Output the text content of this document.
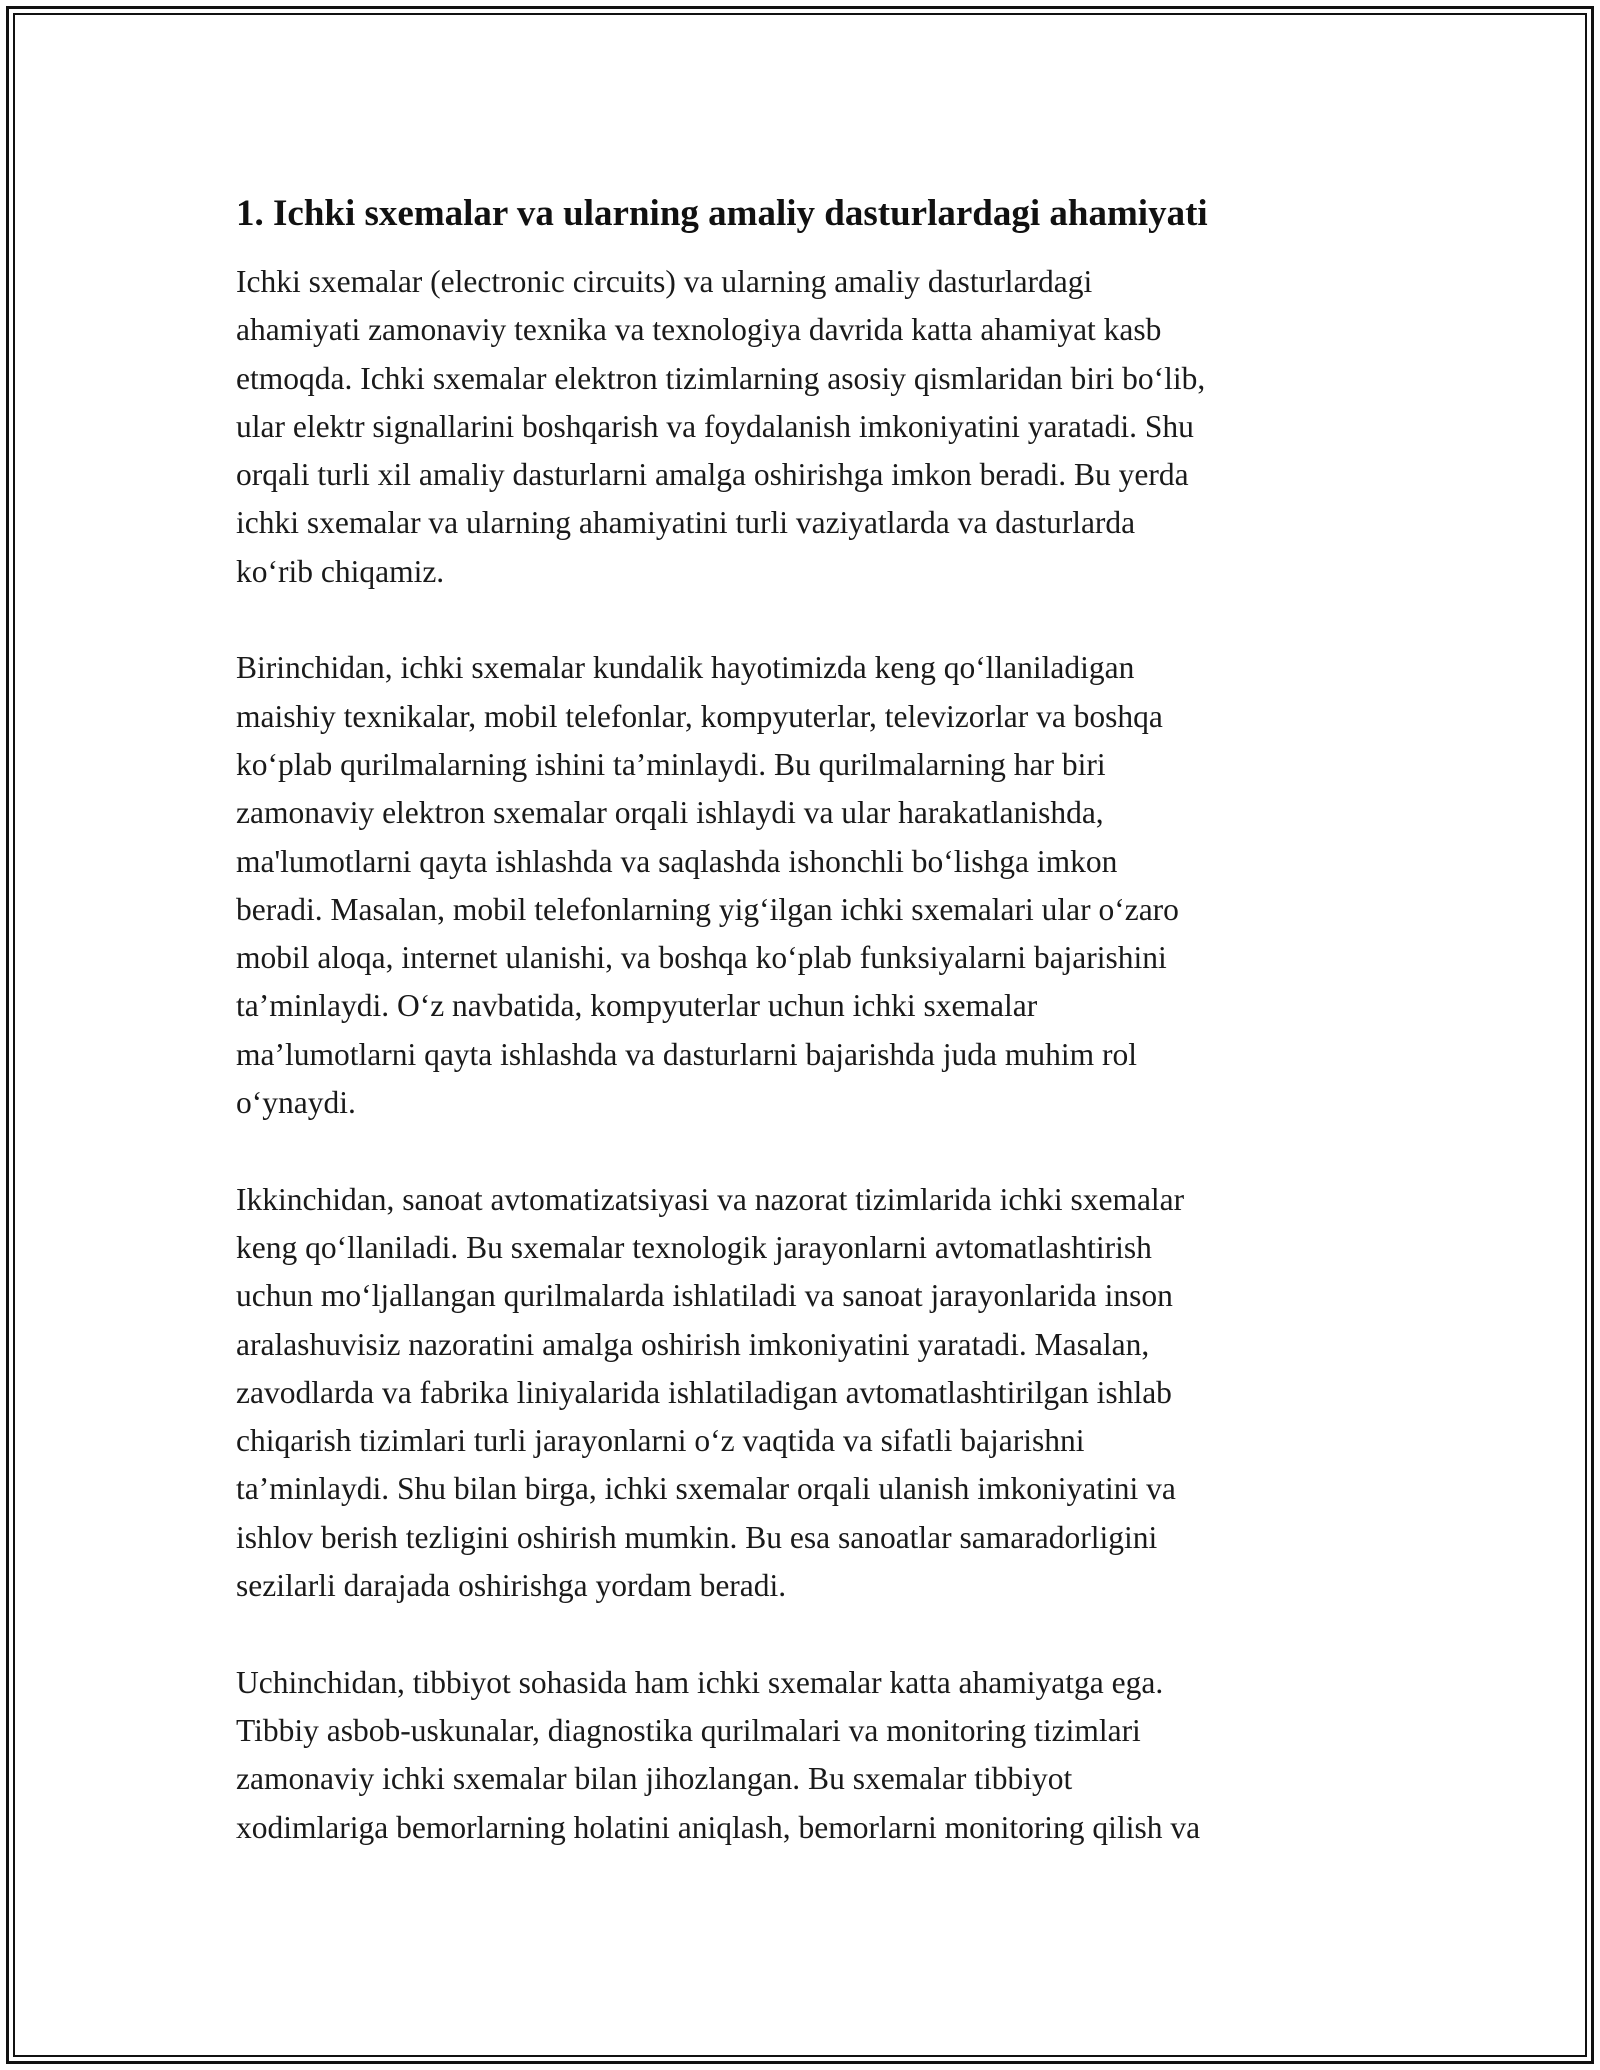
1. Ichki sxemalar va ularning amaliy dasturlardagi ahamiyati

Ichki sxemalar (electronic circuits) va ularning amaliy dasturlardagi
ahamiyati zamonaviy texnika va texnologiya davrida katta ahamiyat kasb
etmoqda. Ichki sxemalar elektron tizimlarning asosiy qismlaridan biri bo‘lib,
ular elektr signallarini boshqarish va foydalanish imkoniyatini yaratadi. Shu
orqali turli xil amaliy dasturlarni amalga oshirishga imkon beradi. Bu yerda
ichki sxemalar va ularning ahamiyatini turli vaziyatlarda va dasturlarda
ko‘rib chiqamiz.

Birinchidan, ichki sxemalar kundalik hayotimizda keng qo‘llaniladigan
maishiy texnikalar, mobil telefonlar, kompyuterlar, televizorlar va boshqa
ko‘plab qurilmalarning ishini ta’minlaydi. Bu qurilmalarning har biri
zamonaviy elektron sxemalar orqali ishlaydi va ular harakatlanishda,
ma'lumotlarni qayta ishlashda va saqlashda ishonchli bo‘lishga imkon
beradi. Masalan, mobil telefonlarning yig‘ilgan ichki sxemalari ular o‘zaro
mobil aloqa, internet ulanishi, va boshqa ko‘plab funksiyalarni bajarishini
ta’minlaydi. O‘z navbatida, kompyuterlar uchun ichki sxemalar
ma’lumotlarni qayta ishlashda va dasturlarni bajarishda juda muhim rol
o‘ynaydi.

Ikkinchidan, sanoat avtomatizatsiyasi va nazorat tizimlarida ichki sxemalar
keng qo‘llaniladi. Bu sxemalar texnologik jarayonlarni avtomatlashtirish
uchun mo‘ljallangan qurilmalarda ishlatiladi va sanoat jarayonlarida inson
aralashuvisiz nazoratini amalga oshirish imkoniyatini yaratadi. Masalan,
zavodlarda va fabrika liniyalarida ishlatiladigan avtomatlashtirilgan ishlab
chiqarish tizimlari turli jarayonlarni o‘z vaqtida va sifatli bajarishni
ta’minlaydi. Shu bilan birga, ichki sxemalar orqali ulanish imkoniyatini va
ishlov berish tezligini oshirish mumkin. Bu esa sanoatlar samaradorligini
sezilarli darajada oshirishga yordam beradi.

Uchinchidan, tibbiyot sohasida ham ichki sxemalar katta ahamiyatga ega.
Tibbiy asbob-uskunalar, diagnostika qurilmalari va monitoring tizimlari
zamonaviy ichki sxemalar bilan jihozlangan. Bu sxemalar tibbiyot
xodimlariga bemorlarning holatini aniqlash, bemorlarni monitoring qilish va
